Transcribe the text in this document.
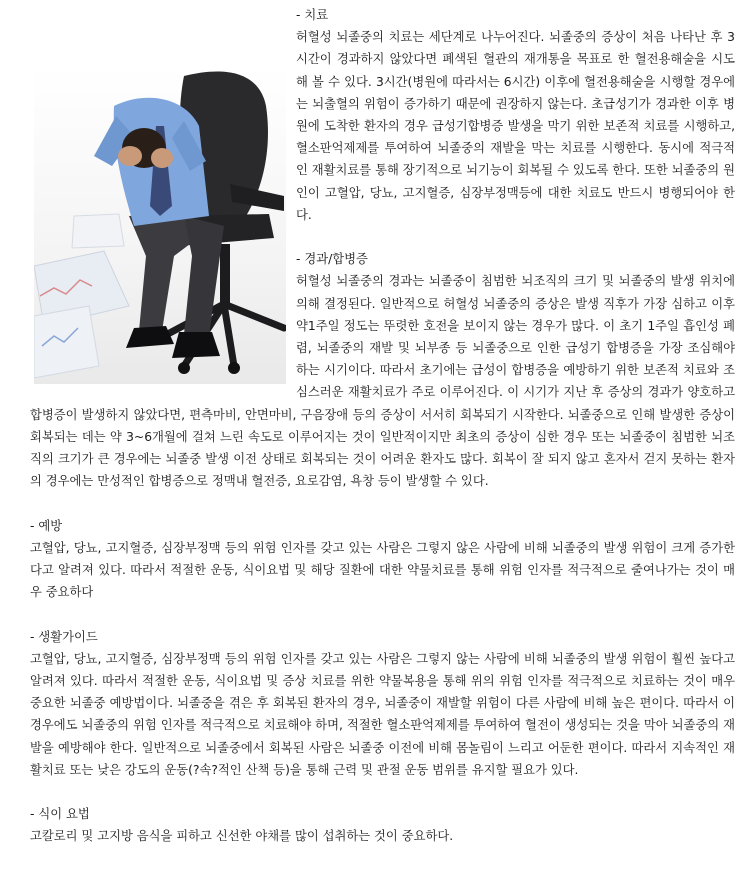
- 치료

허혈성 뇌졸중의 치료는 세단계로 나누어진다. 뇌졸중의 증상이 처음 나타난 후 3시간이 경과하지 않았다면 폐색된 혈관의 재개통을 목표로 한 혈전용해술을 시도해 볼 수 있다. 3시간(병원에 따라서는 6시간) 이후에 혈전용해술을 시행할 경우에는 뇌출혈의 위험이 증가하기 때문에 권장하지 않는다. 초급성기가 경과한 이후 병원에 도착한 환자의 경우 급성기합병증 발생을 막기 위한 보존적 치료를 시행하고, 혈소판억제제를 투여하여 뇌졸중의 재발을 막는 치료를 시행한다. 동시에 적극적인 재활치료를 통해 장기적으로 뇌기능이 회복될 수 있도록 한다. 또한 뇌졸중의 원인이 고혈압, 당뇨, 고지혈증, 심장부정맥등에 대한 치료도 반드시 병행되어야 한다.

- 경과/합병증

허혈성 뇌졸중의 경과는 뇌졸중이 침범한 뇌조직의 크기 및 뇌졸중의 발생 위치에 의해 결정된다. 일반적으로 허혈성 뇌졸중의 증상은 발생 직후가 가장 심하고 이후 약1주일 정도는 뚜렷한 호전을 보이지 않는 경우가 많다. 이 초기 1주일 흡인성 폐렴, 뇌졸중의 재발 및 뇌부종 등 뇌졸중으로 인한 급성기 합병증을 가장 조심해야 하는 시기이다. 따라서 초기에는 급성이 합병증을 예방하기 위한 보존적 치료와 조심스러운 재활치료가 주로 이루어진다. 이 시기가 지난 후 증상의 경과가 양호하고 합병증이 발생하지 않았다면, 편측마비, 안면마비, 구음장애 등의 증상이 서서히 회복되기 시작한다. 뇌졸중으로 인해 발생한 증상이 회복되는 데는 약 3~6개월에 걸쳐 느린 속도로 이루어지는 것이 일반적이지만 최초의 증상이 심한 경우 또는 뇌졸중이 침범한 뇌조직의 크기가 큰 경우에는 뇌졸중 발생 이전 상태로 회복되는 것이 어려운 환자도 많다. 회복이 잘 되지 않고 혼자서 걷지 못하는 환자의 경우에는 만성적인 합병증으로 정맥내 혈전증, 요로감염, 욕창 등이 발생할 수 있다.

- 예방

고혈압, 당뇨, 고지혈증, 심장부정맥 등의 위험 인자를 갖고 있는 사람은 그렇지 않은 사람에 비해 뇌졸중의 발생 위험이 크게 증가한다고 알려져 있다. 따라서 적절한 운동, 식이요법 및 해당 질환에 대한 약물치료를 통해 위험 인자를 적극적으로 줄여나가는 것이 매우 중요하다

- 생활가이드

고혈압, 당뇨, 고지혈증, 심장부정맥 등의 위험 인자를 갖고 있는 사람은 그렇지 않는 사람에 비해 뇌졸중의 발생 위험이 훨씬 높다고 알려져 있다. 따라서 적절한 운동, 식이요법 및 증상 치료를 위한 약물복용을 통해 위의 위험 인자를 적극적으로 치료하는 것이 매우 중요한 뇌졸중 예방법이다. 뇌졸중을 겪은 후 회복된 환자의 경우, 뇌졸중이 재발할 위험이 다른 사람에 비해 높은 편이다. 따라서 이 경우에도 뇌졸중의 위험 인자를 적극적으로 치료해야 하며, 적절한 혈소판억제제를 투여하여 혈전이 생성되는 것을 막아 뇌졸중의 재발을 예방해야 한다. 일반적으로 뇌졸중에서 회복된 사람은 뇌졸중 이전에 비해 몸놀림이 느리고 어둔한 편이다. 따라서 지속적인 재활치료 또는 낮은 강도의 운동(?속?적인 산책 등)을 통해 근력 및 관절 운동 범위를 유지할 필요가 있다.

- 식이 요법

고칼로리 및 고지방 음식을 피하고 신선한 야채를 많이 섭취하는 것이 중요하다.
